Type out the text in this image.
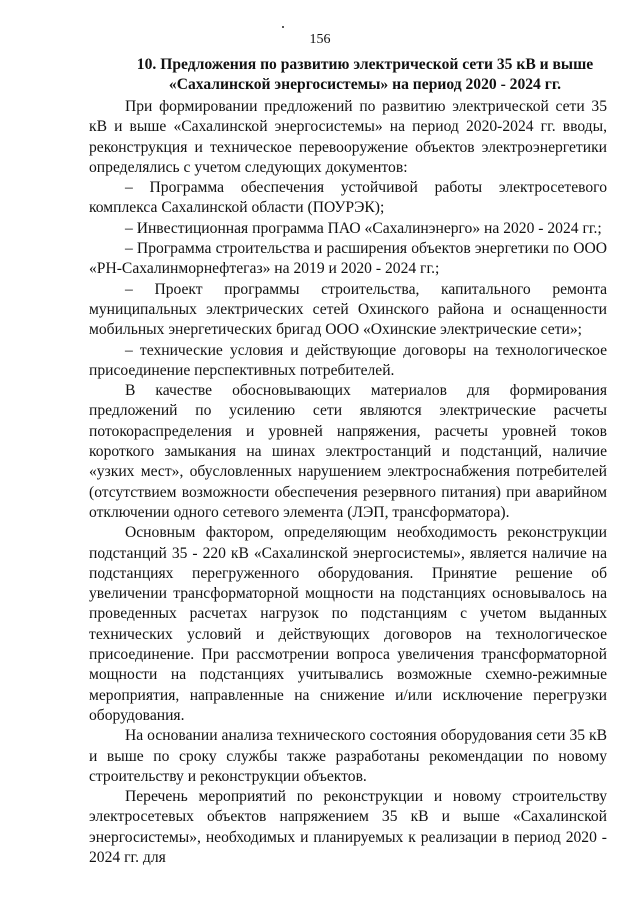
156
10. Предложения по развитию электрической сети 35 кВ и выше «Сахалинской энергосистемы» на период 2020 - 2024 гг.

При формировании предложений по развитию электрической сети 35 кВ и выше «Сахалинской энергосистемы» на период 2020-2024 гг. вводы, реконструкция и техническое перевооружение объектов электроэнергетики определялись с учетом следующих документов:

– Программа обеспечения устойчивой работы электросетевого комплекса Сахалинской области (ПОУРЭК);

– Инвестиционная программа ПАО «Сахалинэнерго» на 2020 - 2024 гг.;

– Программа строительства и расширения объектов энергетики по ООО «РН-Сахалинморнефтегаз» на 2019 и 2020 - 2024 гг.;

– Проект программы строительства, капитального ремонта муниципальных электрических сетей Охинского района и оснащенности мобильных энергетических бригад ООО «Охинские электрические сети»;

– технические условия и действующие договоры на технологическое присоединение перспективных потребителей.

В качестве обосновывающих материалов для формирования предложений по усилению сети являются электрические расчеты потокораспределения и уровней напряжения, расчеты уровней токов короткого замыкания на шинах электростанций и подстанций, наличие «узких мест», обусловленных нарушением электроснабжения потребителей (отсутствием возможности обеспечения резервного питания) при аварийном отключении одного сетевого элемента (ЛЭП, трансформатора).

Основным фактором, определяющим необходимость реконструкции подстанций 35 - 220 кВ «Сахалинской энергосистемы», является наличие на подстанциях перегруженного оборудования. Принятие решение об увеличении трансформаторной мощности на подстанциях основывалось на проведенных расчетах нагрузок по подстанциям с учетом выданных технических условий и действующих договоров на технологическое присоединение. При рассмотрении вопроса увеличения трансформаторной мощности на подстанциях учитывались возможные схемно-режимные мероприятия, направленные на снижение и/или исключение перегрузки оборудования.

На основании анализа технического состояния оборудования сети 35 кВ и выше по сроку службы также разработаны рекомендации по новому строительству и реконструкции объектов.

Перечень мероприятий по реконструкции и новому строительству электросетевых объектов напряжением 35 кВ и выше «Сахалинской энергосистемы», необходимых и планируемых к реализации в период 2020 - 2024 гг. для
